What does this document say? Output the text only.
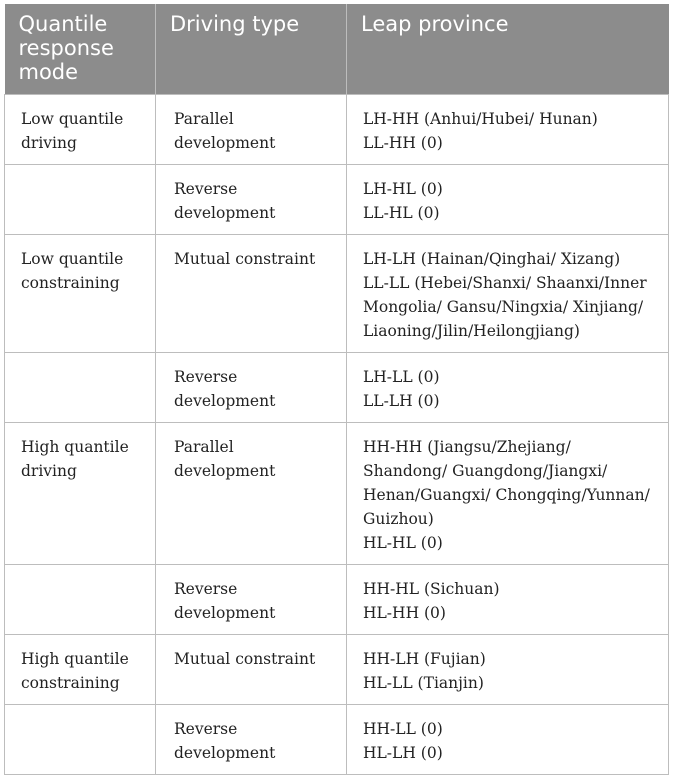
Quantile response mode	Driving type	Leap province
Low quantile driving	Parallel development	LH-HH (Anhui/Hubei/ Hunan)
LL-HH (0)

	Reverse development	LH-HL (0)
LL-HL (0)

Low quantile constraining	Mutual constraint	LH-LH (Hainan/Qinghai/ Xizang)
LL-LL (Hebei/Shanxi/ Shaanxi/Inner Mongolia/ Gansu/Ningxia/ Xinjiang/ Liaoning/Jilin/Heilongjiang)

	Reverse development	LH-LL (0)
LL-LH (0)

High quantile driving	Parallel development	HH-HH (Jiangsu/Zhejiang/ Shandong/ Guangdong/Jiangxi/ Henan/Guangxi/ Chongqing/Yunnan/ Guizhou)
HL-HL (0)

	Reverse development	HH-HL (Sichuan)
HL-HH (0)

High quantile constraining	Mutual constraint	HH-LH (Fujian)
HL-LL (Tianjin)

	Reverse development	HH-LL (0)
HL-LH (0)
